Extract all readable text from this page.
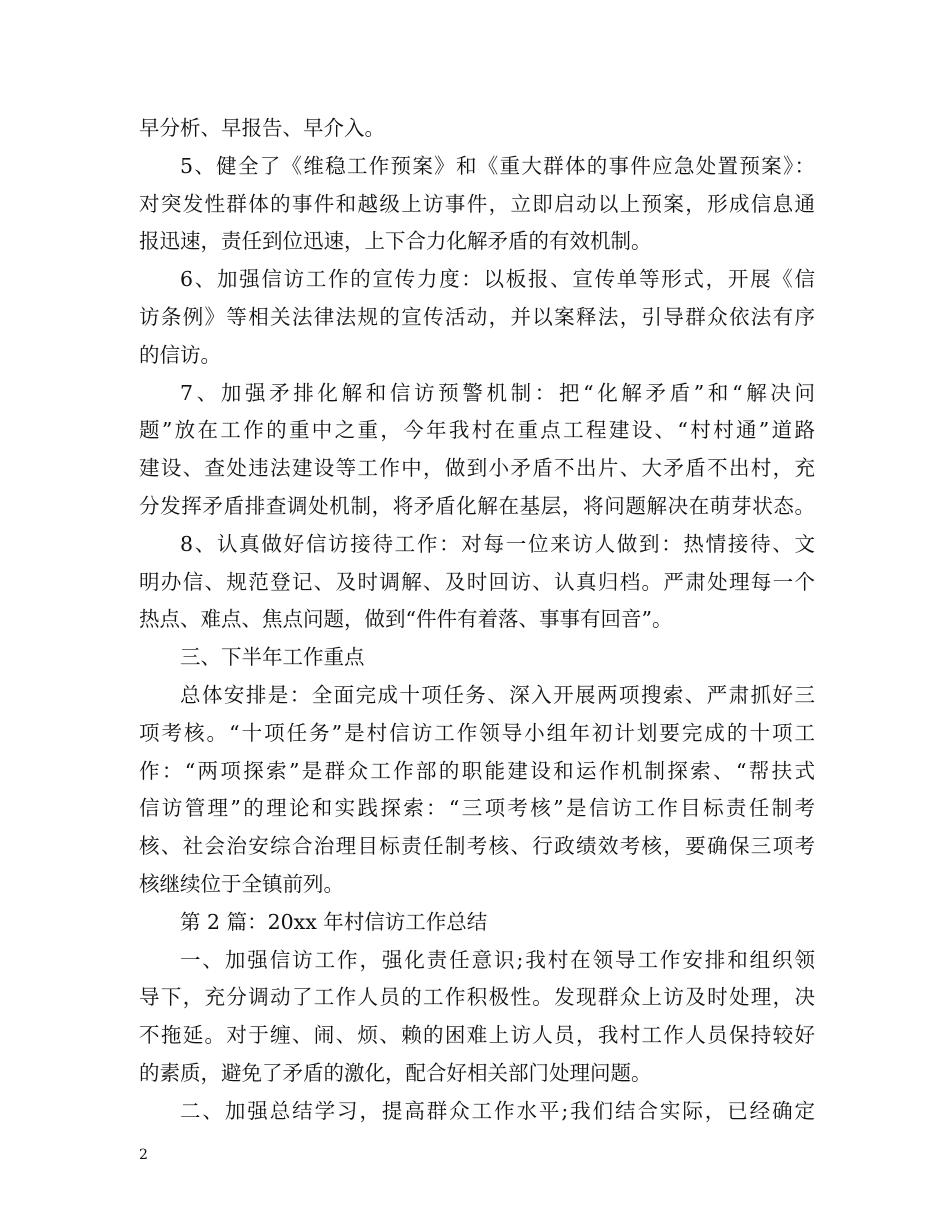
早分析、早报告、早介入。
5、健全了《维稳工作预案》和《重大群体的事件应急处置预案》：
对突发性群体的事件和越级上访事件，立即启动以上预案，形成信息通
报迅速，责任到位迅速，上下合力化解矛盾的有效机制。
6、加强信访工作的宣传力度：以板报、宣传单等形式，开展《信
访条例》等相关法律法规的宣传活动，并以案释法，引导群众依法有序
的信访。
7、加强矛排化解和信访预警机制：把“化解矛盾”和“解决问
题”放在工作的重中之重，今年我村在重点工程建设、“村村通”道路
建设、查处违法建设等工作中，做到小矛盾不出片、大矛盾不出村，充
分发挥矛盾排查调处机制，将矛盾化解在基层，将问题解决在萌芽状态。
8、认真做好信访接待工作：对每一位来访人做到：热情接待、文
明办信、规范登记、及时调解、及时回访、认真归档。严肃处理每一个
热点、难点、焦点问题，做到“件件有着落、事事有回音”。
三、下半年工作重点
总体安排是：全面完成十项任务、深入开展两项搜索、严肃抓好三
项考核。“十项任务”是村信访工作领导小组年初计划要完成的十项工
作：“两项探索”是群众工作部的职能建设和运作机制探索、“帮扶式
信访管理”的理论和实践探索：“三项考核”是信访工作目标责任制考
核、社会治安综合治理目标责任制考核、行政绩效考核，要确保三项考
核继续位于全镇前列。
第 2 篇：20xx 年村信访工作总结
一、加强信访工作，强化责任意识;我村在领导工作安排和组织领
导下，充分调动了工作人员的工作积极性。发现群众上访及时处理，决
不拖延。对于缠、闹、烦、赖的困难上访人员，我村工作人员保持较好
的素质，避免了矛盾的激化，配合好相关部门处理问题。
二、加强总结学习，提高群众工作水平;我们结合实际，已经确定
2
